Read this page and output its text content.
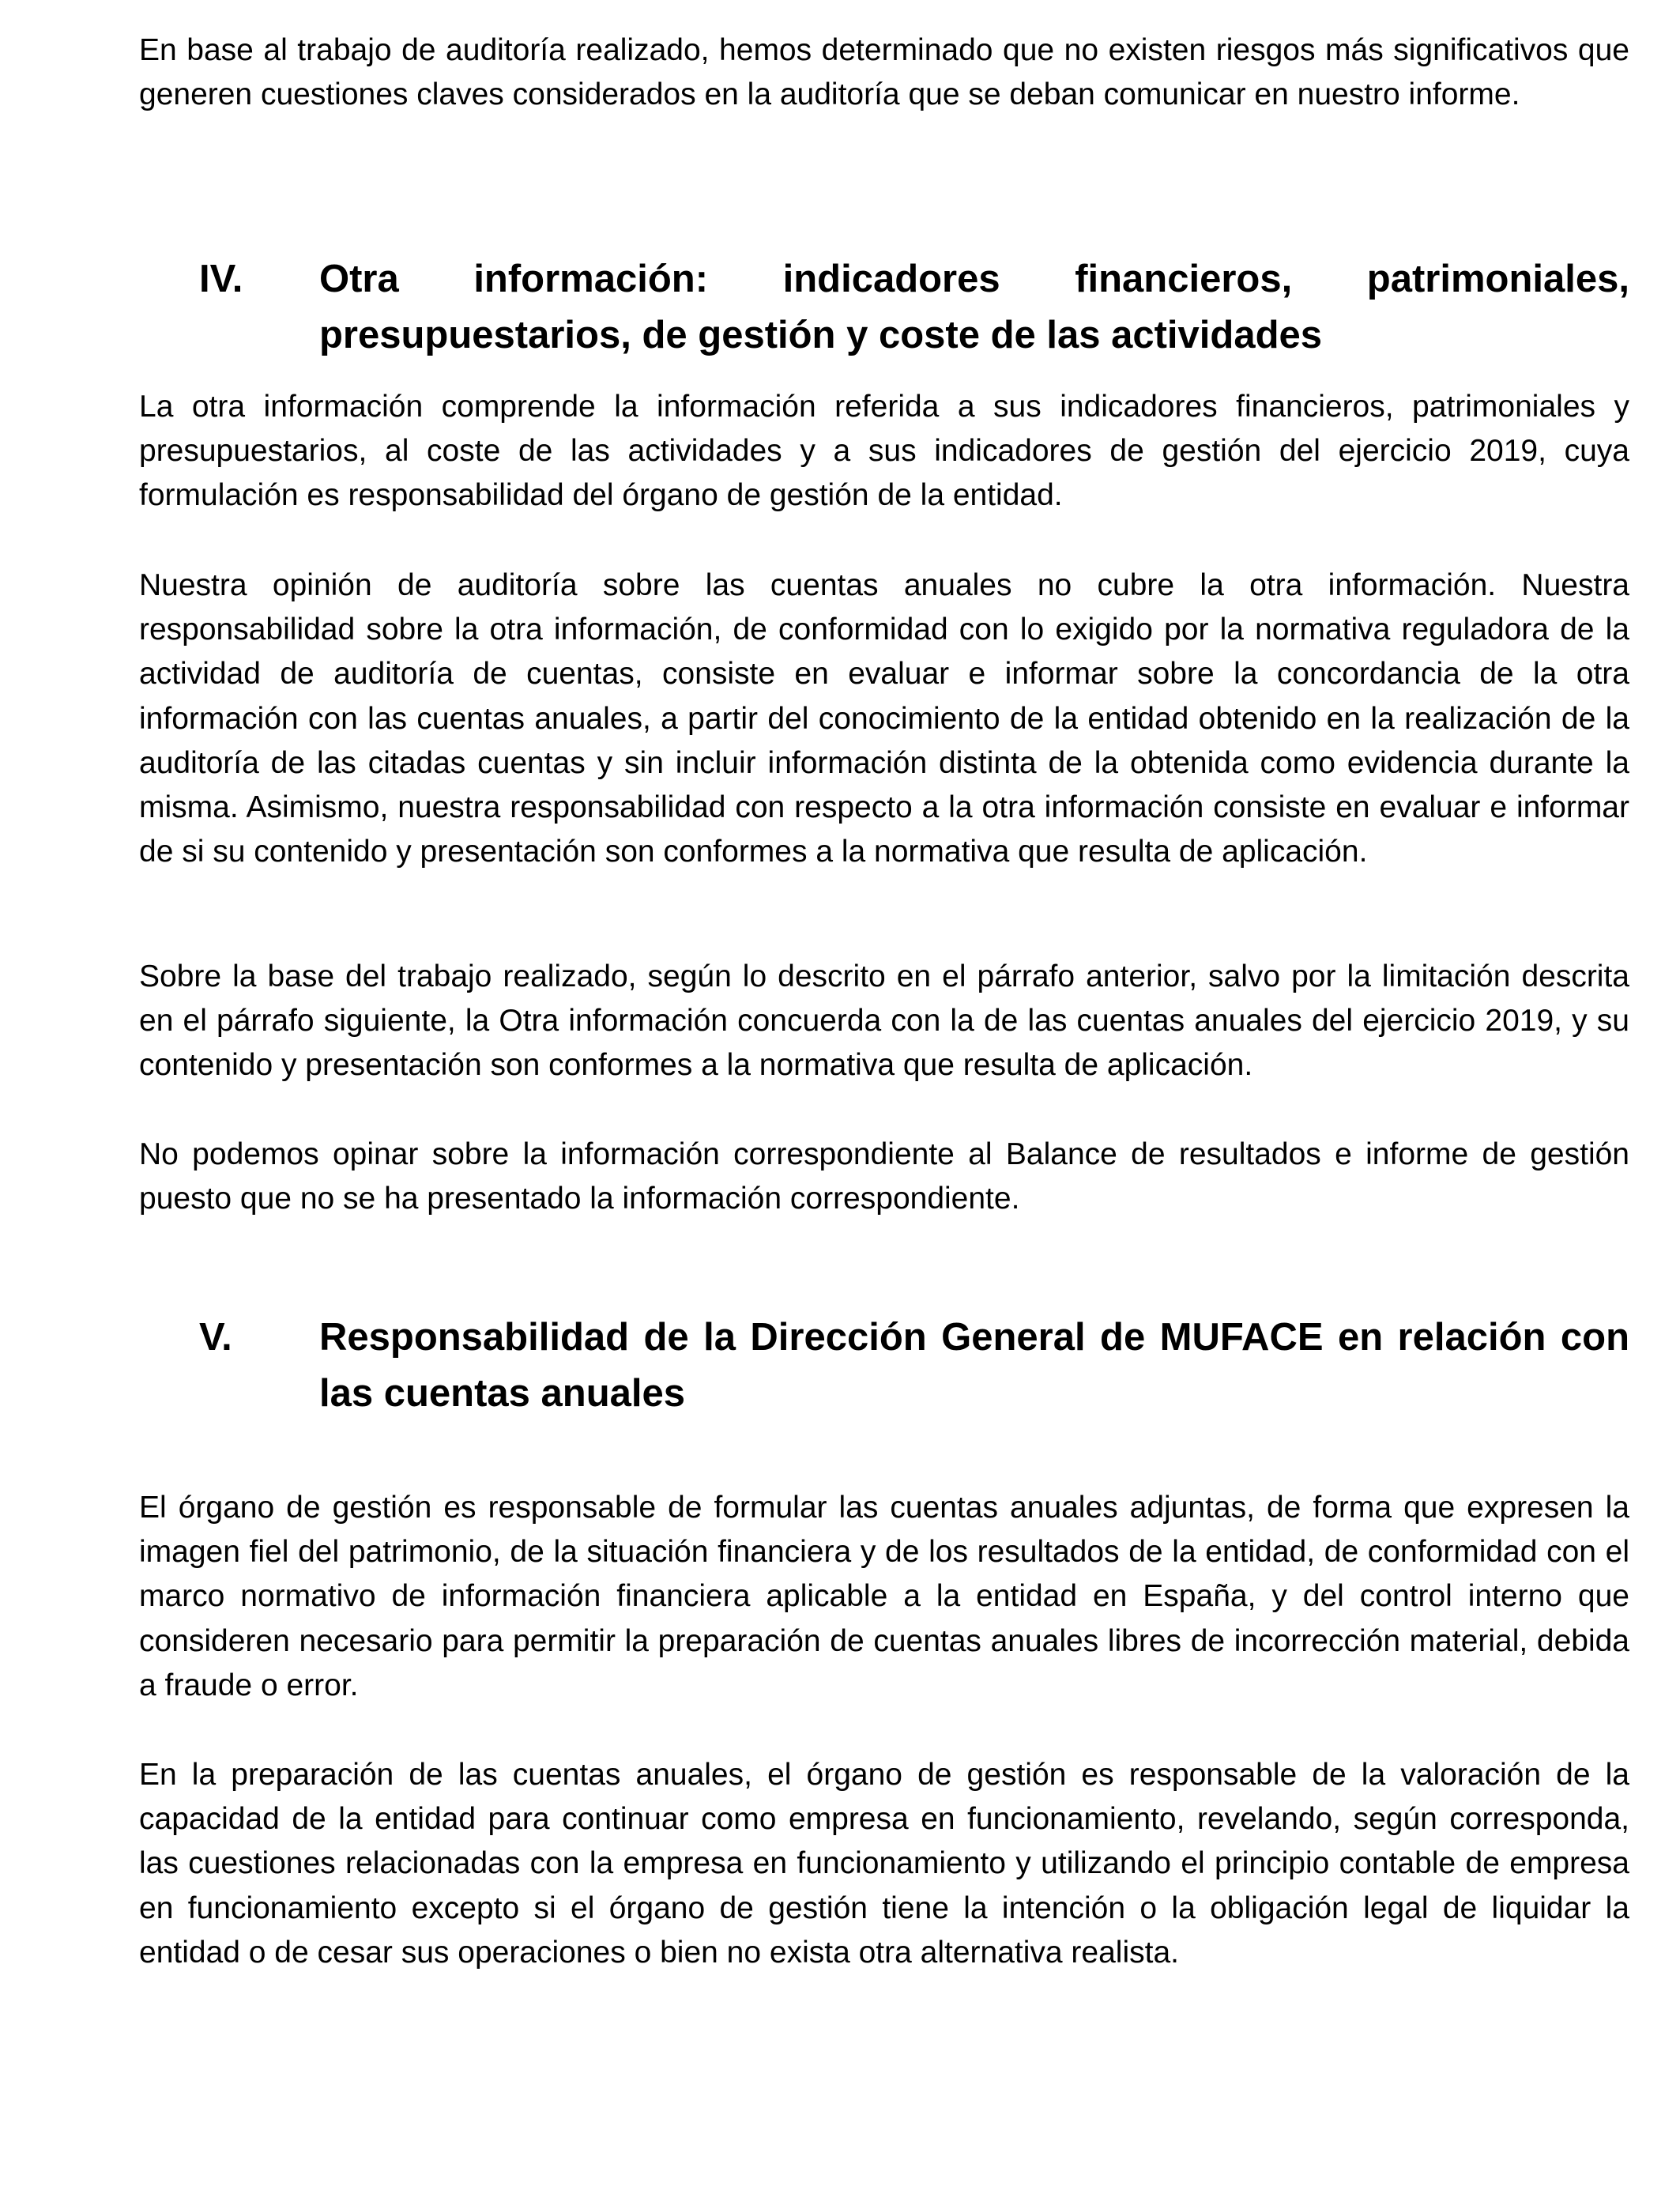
En base al trabajo de auditoría realizado, hemos determinado que no existen riesgos más significativos que generen cuestiones claves considerados en la auditoría que se deban comunicar en nuestro informe.

IV.	Otra información: indicadores financieros, patrimoniales, presupuestarios, de gestión y coste de las actividades

La otra información comprende la información referida a sus indicadores financieros, patrimoniales y presupuestarios, al coste de las actividades y a sus indicadores de gestión del ejercicio 2019, cuya formulación es responsabilidad del órgano de gestión de la entidad.

Nuestra opinión de auditoría sobre las cuentas anuales no cubre la otra información. Nuestra responsabilidad sobre la otra información, de conformidad con lo exigido por la normativa reguladora de la actividad de auditoría de cuentas, consiste en evaluar e informar sobre la concordancia de la otra información con las cuentas anuales, a partir del conocimiento de la entidad obtenido en la realización de la auditoría de las citadas cuentas y sin incluir información distinta de la obtenida como evidencia durante la misma. Asimismo, nuestra responsabilidad con respecto a la otra información consiste en evaluar e informar de si su contenido y presentación son conformes a la normativa que resulta de aplicación.

Sobre la base del trabajo realizado, según lo descrito en el párrafo anterior, salvo por la limitación descrita en el párrafo siguiente, la Otra información concuerda con la de las cuentas anuales del ejercicio 2019, y su contenido y presentación son conformes a la normativa que resulta de aplicación.

No podemos opinar sobre la información correspondiente al Balance de resultados e informe de gestión puesto que no se ha presentado la información correspondiente.

V.	Responsabilidad de la Dirección General de MUFACE en relación con las cuentas anuales

El órgano de gestión es responsable de formular las cuentas anuales adjuntas, de forma que expresen la imagen fiel del patrimonio, de la situación financiera y de los resultados de la entidad, de conformidad con el marco normativo de información financiera aplicable a la entidad en España, y del control interno que consideren necesario para permitir la preparación de cuentas anuales libres de incorrección material, debida a fraude o error.

En la preparación de las cuentas anuales, el órgano de gestión es responsable de la valoración de la capacidad de la entidad para continuar como empresa en funcionamiento, revelando, según corresponda, las cuestiones relacionadas con la empresa en funcionamiento y utilizando el principio contable de empresa en funcionamiento excepto si el órgano de gestión tiene la intención o la obligación legal de liquidar la entidad o de cesar sus operaciones o bien no exista otra alternativa realista.
